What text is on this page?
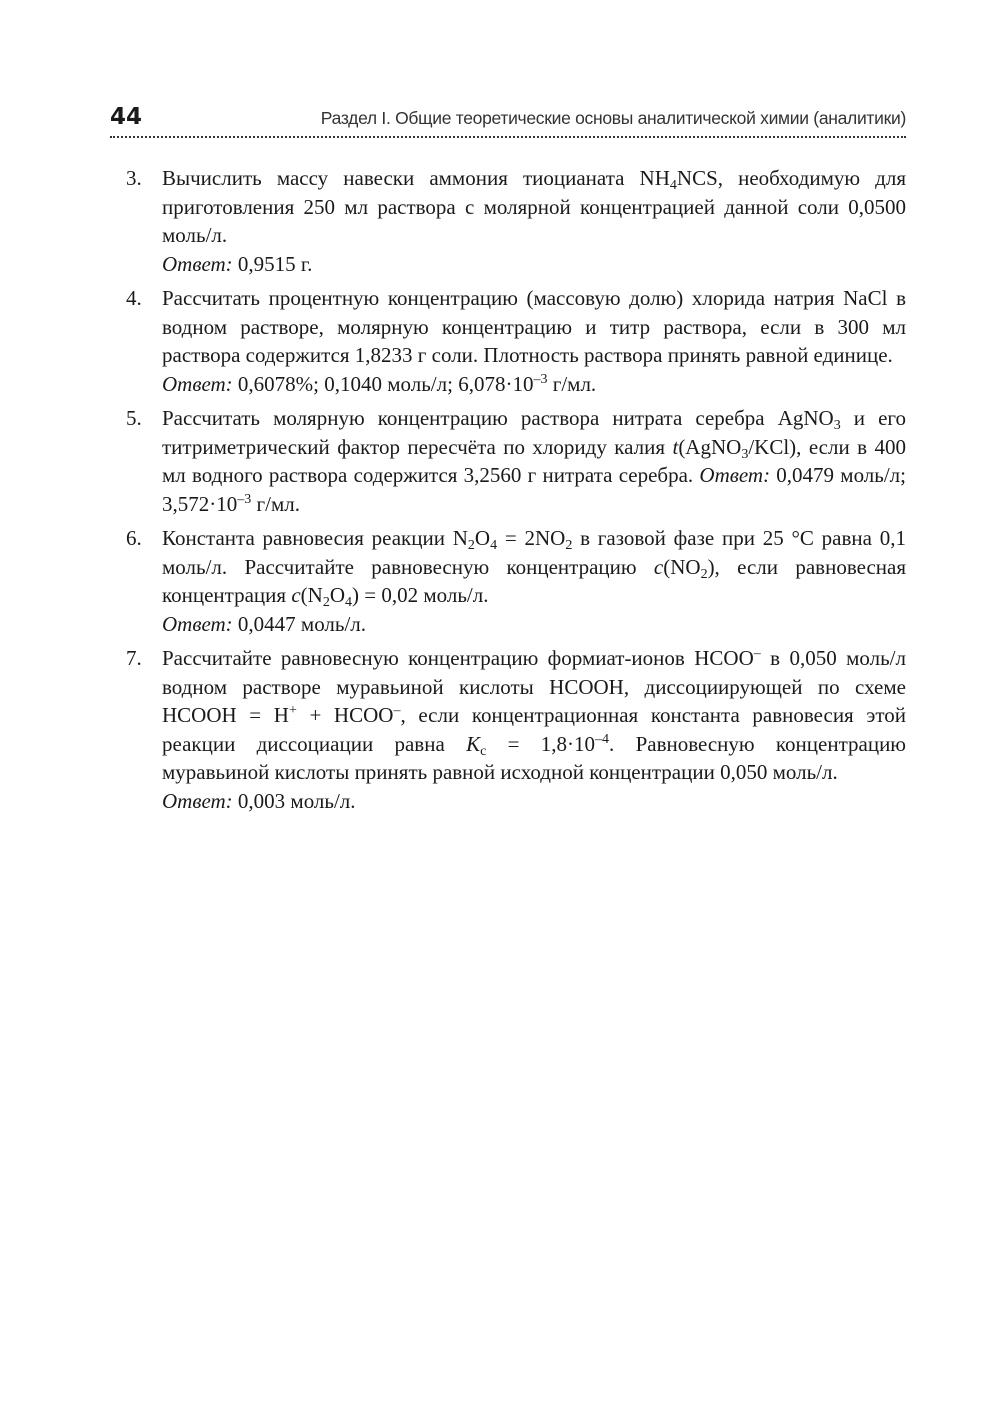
44	Раздел I. Общие теоретические основы аналитической химии (аналитики)
3. Вычислить массу навески аммония тиоцианата $NH_4NCS$, необходимую для приготовления 250 мл раствора с молярной концентрацией данной соли 0,0500 моль/л.
Ответ: 0,9515 г.
4. Рассчитать процентную концентрацию (массовую долю) хлорида натрия NaCl в водном растворе, молярную концентрацию и титр раствора, если в 300 мл раствора содержится 1,8233 г соли. Плотность раствора принять равной единице.
Ответ: 0,6078%; 0,1040 моль/л; $6,078\cdot 10^{-3}$ г/мл.
5. Рассчитать молярную концентрацию раствора нитрата серебра AgNO$_3$ и его титриметрический фактор пересчёта по хлориду калия t(AgNO$_3$/KCl), если в 400 мл водного раствора содержится 3,2560 г нитрата серебра. Ответ: 0,0479 моль/л; $3,572\cdot 10^{-3}$ г/мл.
6. Константа равновесия реакции $N_2O_4 = 2NO_2$ в газовой фазе при 25 °С равна 0,1 моль/л. Рассчитайте равновесную концентрацию $c(NO_2)$, если равновесная концентрация $c(N_2O_4) = 0,02$ моль/л.
Ответ: 0,0447 моль/л.
7. Рассчитайте равновесную концентрацию формиат-ионов HCOO– в 0,050 моль/л водном растворе муравьиной кислоты HCOOH, диссоциирующей по схеме HCOOH = H+ + HCOO–, если концентрационная константа равновесия этой реакции диссоциации равна $K_c = 1,8\cdot 10^{-4}$. Равновесную концентрацию муравьиной кислоты принять равной исходной концентрации 0,050 моль/л.
Ответ: 0,003 моль/л.
